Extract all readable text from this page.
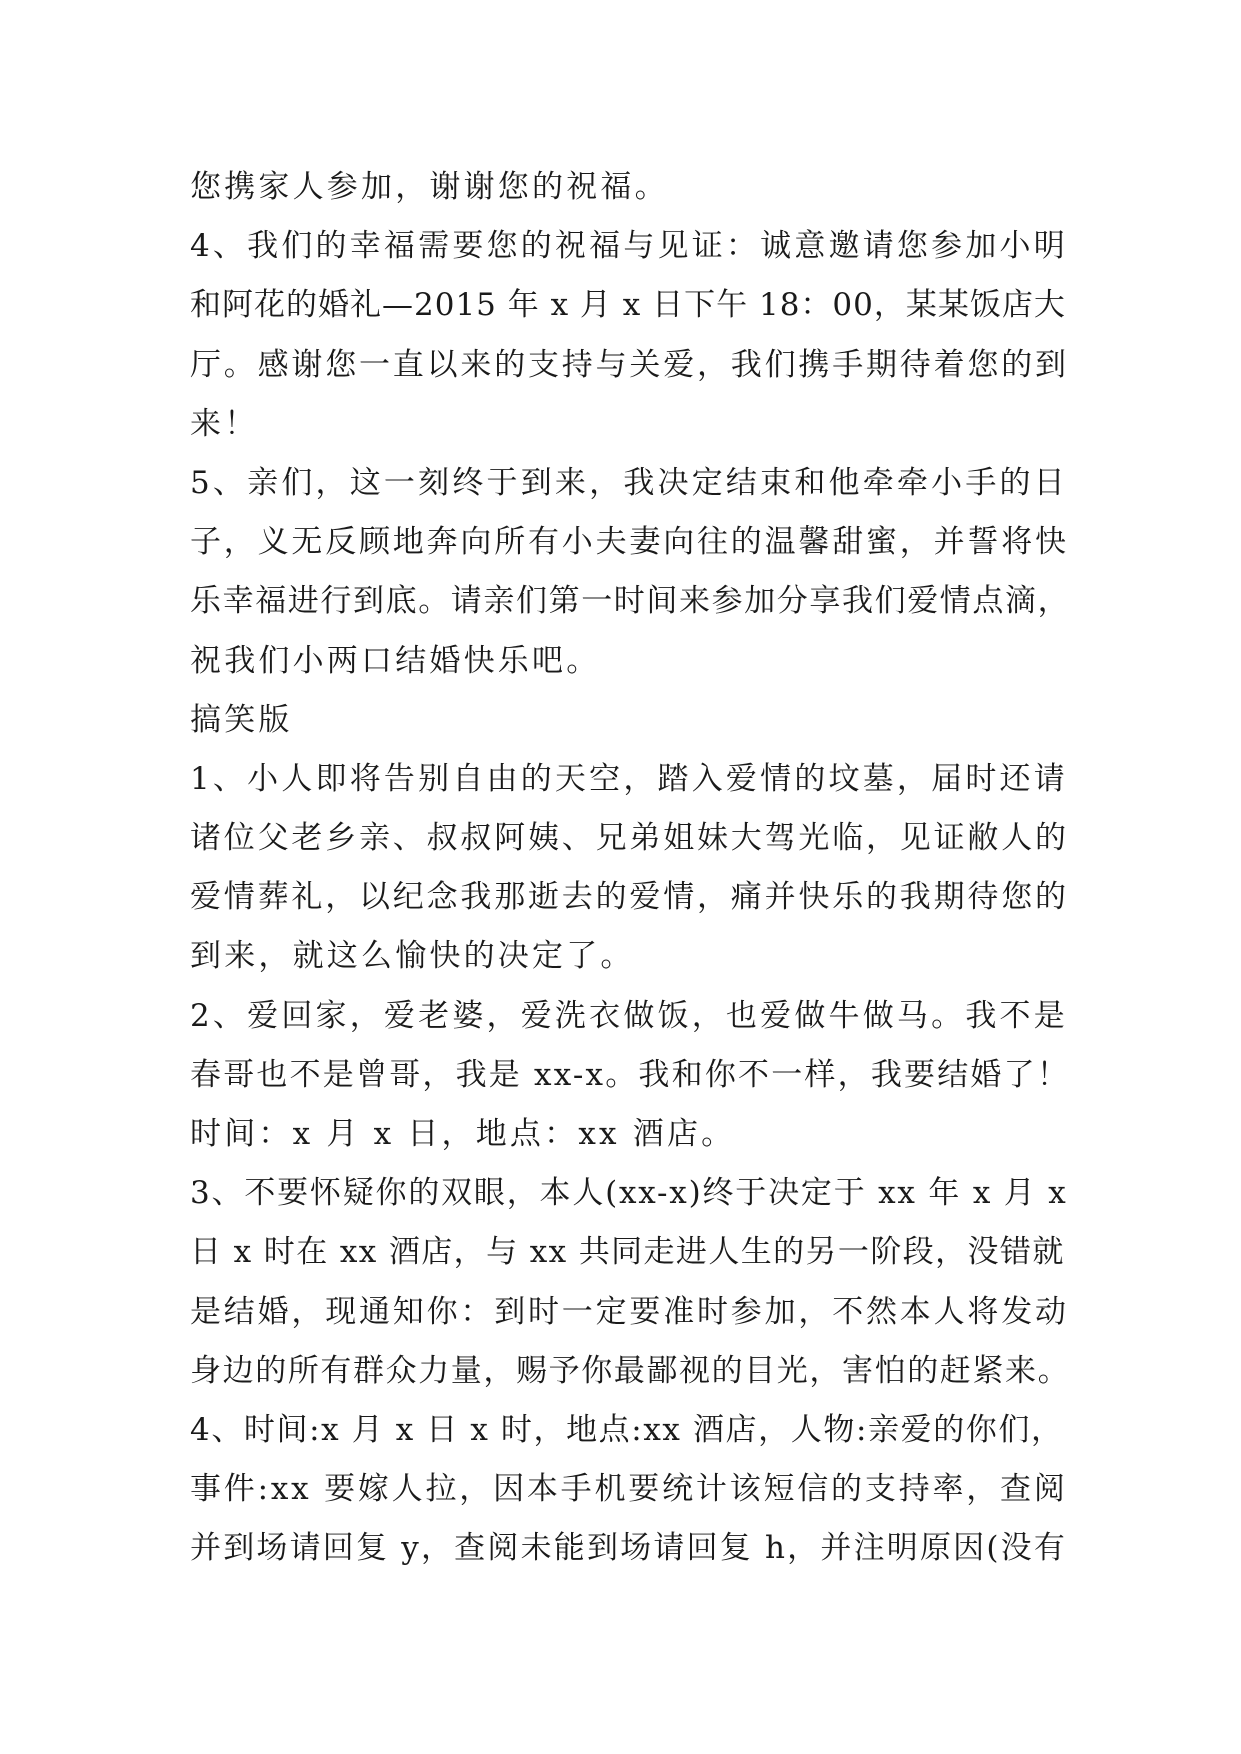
您携家人参加，谢谢您的祝福。
4、我们的幸福需要您的祝福与见证：诚意邀请您参加小明
和阿花的婚礼—2015 年 x 月 x 日下午 18：00，某某饭店大
厅。感谢您一直以来的支持与关爱，我们携手期待着您的到
来！
5、亲们，这一刻终于到来，我决定结束和他牵牵小手的日
子，义无反顾地奔向所有小夫妻向往的温馨甜蜜，并誓将快
乐幸福进行到底。请亲们第一时间来参加分享我们爱情点滴，
祝我们小两口结婚快乐吧。
搞笑版
1、小人即将告别自由的天空，踏入爱情的坟墓，届时还请
诸位父老乡亲、叔叔阿姨、兄弟姐妹大驾光临，见证敝人的
爱情葬礼，以纪念我那逝去的爱情，痛并快乐的我期待您的
到来，就这么愉快的决定了。
2、爱回家，爱老婆，爱洗衣做饭，也爱做牛做马。我不是
春哥也不是曾哥，我是 xx-x。我和你不一样，我要结婚了！
时间：x 月 x 日，地点：xx 酒店。
3、不要怀疑你的双眼，本人(xx-x)终于决定于 xx 年 x 月 x
日 x 时在 xx 酒店，与 xx 共同走进人生的另一阶段，没错就
是结婚，现通知你：到时一定要准时参加，不然本人将发动
身边的所有群众力量，赐予你最鄙视的目光，害怕的赶紧来。
4、时间:x 月 x 日 x 时，地点:xx 酒店，人物:亲爱的你们，
事件:xx 要嫁人拉，因本手机要统计该短信的支持率，查阅
并到场请回复 y，查阅未能到场请回复 h，并注明原因(没有
